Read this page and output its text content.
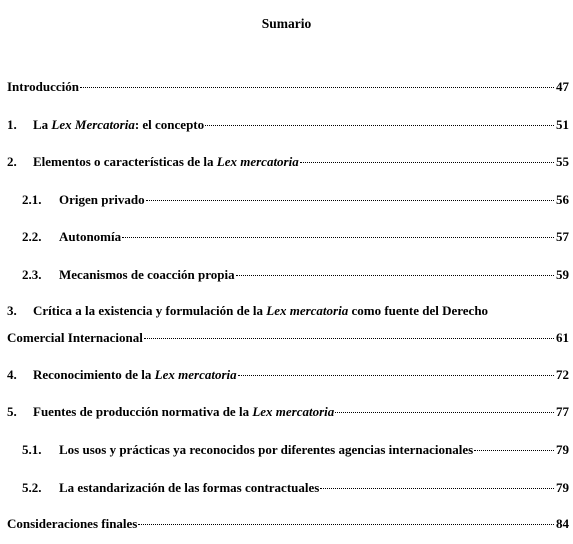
Sumario
Introducción	47
1.	La Lex Mercatoria: el concepto	51
2.	Elementos o características de la Lex mercatoria	55
2.1.	Origen privado	56
2.2.	Autonomía	57
2.3.	Mecanismos de coacción propia	59
3. Crítica a la existencia y formulación de la Lex mercatoria como fuente del Derecho
Comercial Internacional	61
4.	Reconocimiento de la Lex mercatoria	72
5.	Fuentes de producción normativa de la Lex mercatoria	77
5.1.	Los usos y prácticas ya reconocidos por diferentes agencias internacionales	79
5.2.	La estandarización de las formas contractuales	79
Consideraciones finales	84
